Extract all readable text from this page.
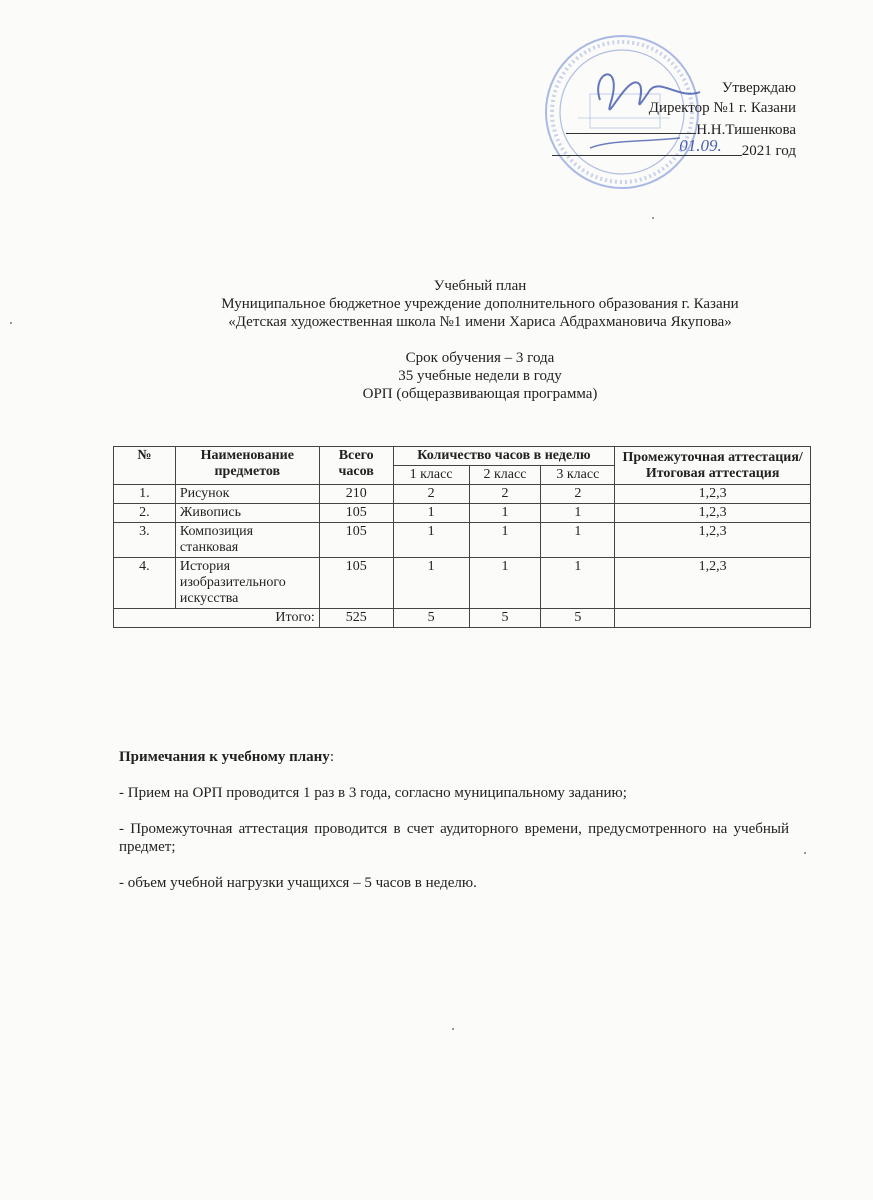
Утверждаю
Директор №1 г. Казани
Н.Н.Тишенкова
01.09. 2021 год
Учебный план
Муниципальное бюджетное учреждение дополнительного образования г. Казани
«Детская художественная школа №1 имени Хариса Абдрахмановича Якупова»
Срок обучения – 3 года
35 учебные недели в году
ОРП (общеразвивающая программа)
№	Наименование предметов	Всего часов	Количество часов в неделю			Промежуточная аттестация/Итоговая аттестация
			1 класс	2 класс	3 класс	
1.	Рисунок	210	2	2	2	1,2,3
2.	Живопись	105	1	1	1	1,2,3
3.	Композиция станковая	105	1	1	1	1,2,3
4.	История изобразительного искусства	105	1	1	1	1,2,3
Итого:		525	5	5	5	

Примечания к учебному плану:

- Прием на ОРП проводится 1 раз в 3 года, согласно муниципальному заданию;

- Промежуточная аттестация проводится в счет аудиторного времени, предусмотренного на учебный предмет;

- объем учебной нагрузки учащихся – 5 часов в неделю.
